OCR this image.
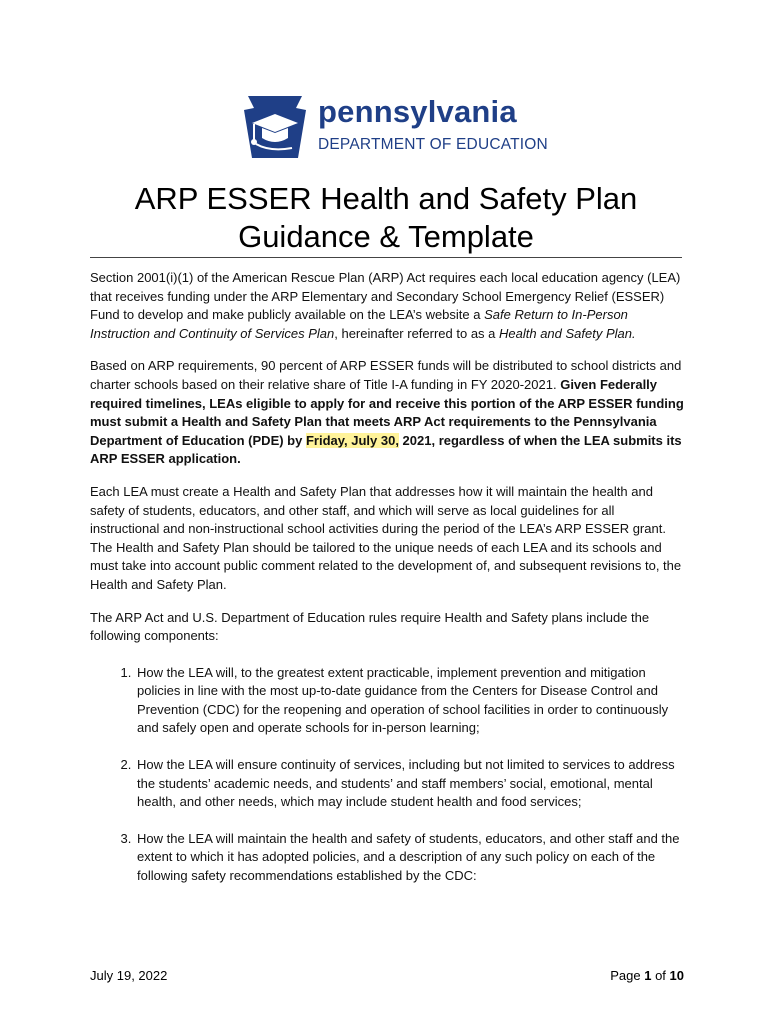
pennsylvania
DEPARTMENT OF EDUCATION
ARP ESSER Health and Safety Plan
Guidance & Template

Section 2001(i)(1) of the American Rescue Plan (ARP) Act requires each local education agency (LEA) that receives funding under the ARP Elementary and Secondary School Emergency Relief (ESSER) Fund to develop and make publicly available on the LEA’s website a Safe Return to In-Person Instruction and Continuity of Services Plan, hereinafter referred to as a Health and Safety Plan.

Based on ARP requirements, 90 percent of ARP ESSER funds will be distributed to school districts and charter schools based on their relative share of Title I-A funding in FY 2020-2021. Given Federally required timelines, LEAs eligible to apply for and receive this portion of the ARP ESSER funding must submit a Health and Safety Plan that meets ARP Act requirements to the Pennsylvania Department of Education (PDE) by Friday, July 30, 2021, regardless of when the LEA submits its ARP ESSER application.

Each LEA must create a Health and Safety Plan that addresses how it will maintain the health and safety of students, educators, and other staff, and which will serve as local guidelines for all instructional and non-instructional school activities during the period of the LEA’s ARP ESSER grant. The Health and Safety Plan should be tailored to the unique needs of each LEA and its schools and must take into account public comment related to the development of, and subsequent revisions to, the Health and Safety Plan.

The ARP Act and U.S. Department of Education rules require Health and Safety plans include the following components:

1. How the LEA will, to the greatest extent practicable, implement prevention and mitigation policies in line with the most up-to-date guidance from the Centers for Disease Control and Prevention (CDC) for the reopening and operation of school facilities in order to continuously and safely open and operate schools for in-person learning;
2. How the LEA will ensure continuity of services, including but not limited to services to address the students’ academic needs, and students’ and staff members’ social, emotional, mental health, and other needs, which may include student health and food services;
3. How the LEA will maintain the health and safety of students, educators, and other staff and the extent to which it has adopted policies, and a description of any such policy on each of the following safety recommendations established by the CDC:
July 19, 2022	Page 1 of 10
